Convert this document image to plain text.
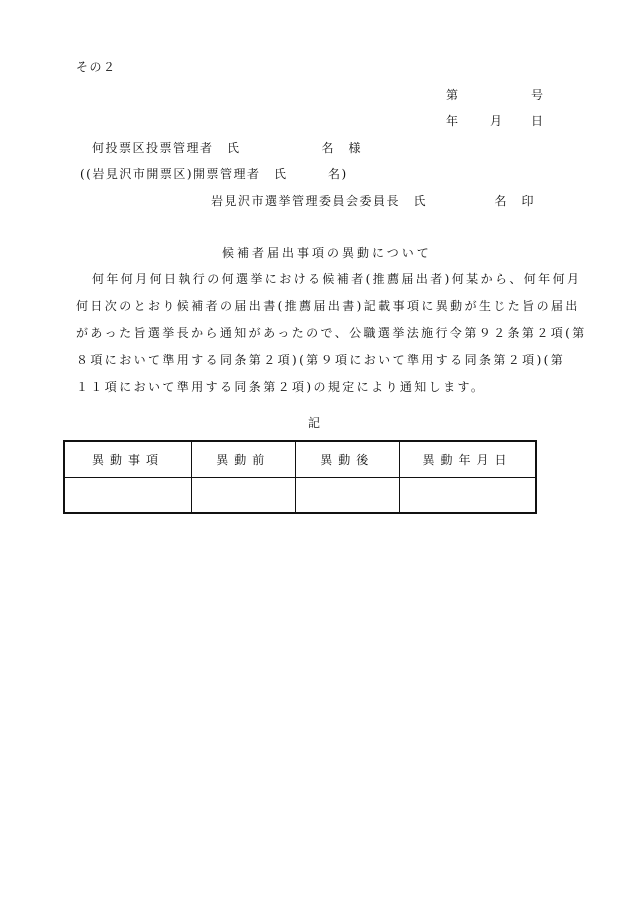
その２
第	号
年	月 日
何投票区投票管理者　氏　　　　　　名　様
((岩見沢市開票区)開票管理者　氏　　　名)
岩見沢市選挙管理委員会委員長　氏　　　　　名　印
候補者届出事項の異動について
何年何月何日執行の何選挙における候補者(推薦届出者)何某から、何年何月
何日次のとおり候補者の届出書(推薦届出書)記載事項に異動が生じた旨の届出
があった旨選挙長から通知があったので、公職選挙法施行令第９２条第２項(第
８項において準用する同条第２項)(第９項において準用する同条第２項)(第
１１項において準用する同条第２項)の規定により通知します。
記
異動事項	異動前	異動後	異動年月日
